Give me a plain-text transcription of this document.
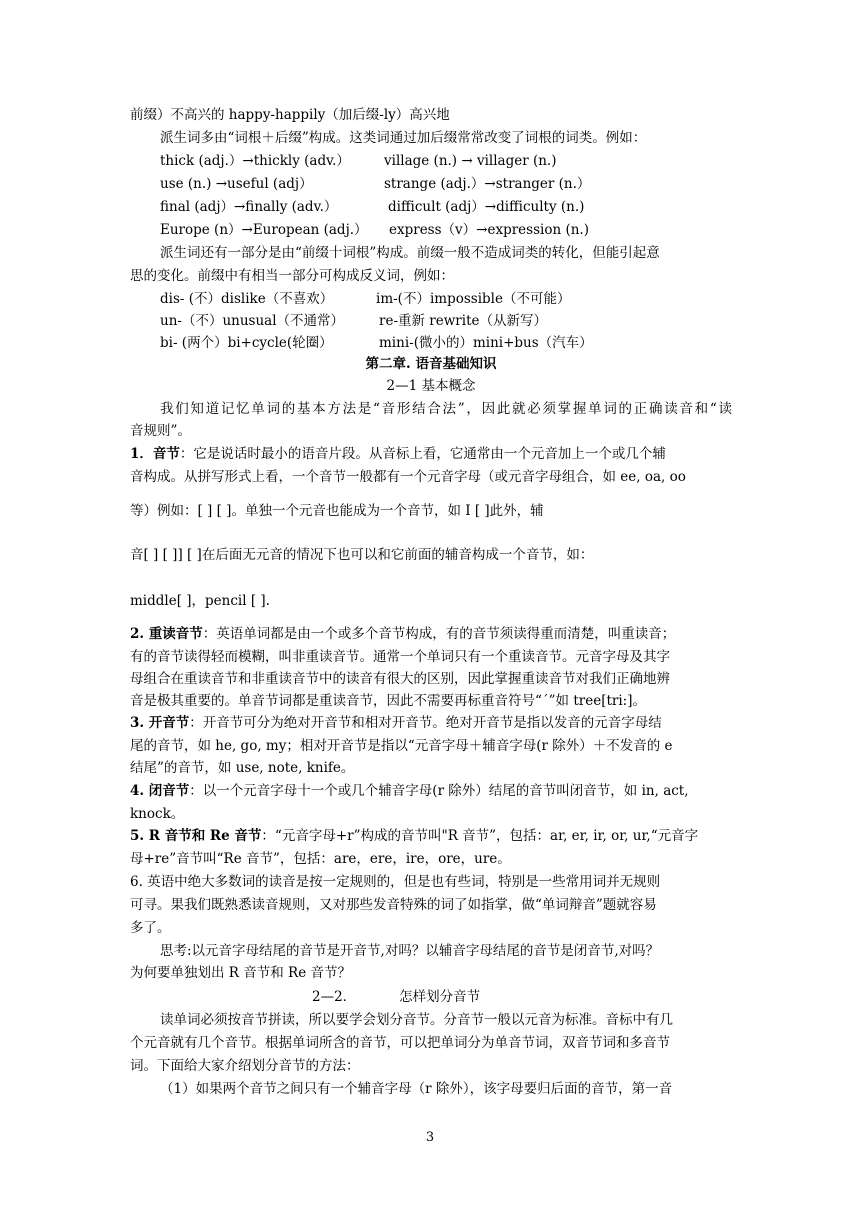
前缀）不高兴的 happy-happily（加后缀-ly）高兴地
派生词多由“词根＋后缀”构成。这类词通过加后缀常常改变了词根的词类。例如：
thick (adj.）→thickly (adv.）	village (n.) → villager (n.)
use (n.) →useful (adj）	strange (adj.）→stranger (n.）
final (adj）→finally (adv.）	difficult (adj）→difficulty (n.)
Europe (n）→European (adj.）	express（v）→expression (n.)
派生词还有一部分是由“前缀十词根”构成。前缀一般不造成词类的转化，但能引起意
思的变化。前缀中有相当一部分可构成反义词，例如：
dis- (不）dislike（不喜欢）	im-(不）impossible（不可能）
un-（不）unusual（不通常）	re-重新 rewrite（从新写）
bi- (两个）bi+cycle(轮圈）	mini-(微小的）mini+bus（汽车）
第二章. 语音基础知识
2—1 基本概念
我们知道记忆单词的基本方法是“音形结合法”，因此就必须掌握单词的正确读音和“读
音规则”。
1．音节：它是说话时最小的语音片段。从音标上看，它通常由一个元音加上一个或几个辅
音构成。从拼写形式上看，一个音节一般都有一个元音字母（或元音字母组合，如 ee, oa, oo
等）例如：[ ] [ ]。单独一个元音也能成为一个音节，如 I [ ]此外，辅
音[ ] [ ]] [ ]在后面无元音的情况下也可以和它前面的辅音构成一个音节，如：
middle[ ]，pencil [ ].
2. 重读音节：英语单词都是由一个或多个音节构成，有的音节须读得重而清楚，叫重读音；
有的音节读得轻而模糊，叫非重读音节。通常一个单词只有一个重读音节。元音字母及其字
母组合在重读音节和非重读音节中的读音有很大的区别，因此掌握重读音节对我们正确地辨
音是极其重要的。单音节词都是重读音节，因此不需要再标重音符号“ˊ”如 tree[tri:]。
3. 开音节：开音节可分为绝对开音节和相对开音节。绝对开音节是指以发音的元音字母结
尾的音节，如 he, go, my；相对开音节是指以“元音字母＋辅音字母(r 除外）＋不发音的 e
结尾”的音节，如 use, note, knife。
4. 闭音节：以一个元音字母十一个或几个辅音字母(r 除外）结尾的音节叫闭音节，如 in, act,
knock。
5. R 音节和 Re 音节：“元音字母+r”构成的音节叫"R 音节”，包括：ar, er, ir, or, ur,“元音字
母+re”音节叫“Re 音节”，包括：are，ere，ire，ore，ure。
6. 英语中绝大多数词的读音是按一定规则的，但是也有些词，特别是一些常用词并无规则
可寻。果我们既熟悉读音规则，又对那些发音特殊的词了如指掌，做“单词辩音”题就容易
多了。
思考:以元音字母结尾的音节是开音节,对吗？以辅音字母结尾的音节是闭音节,对吗？
为何要单独划出 R 音节和 Re 音节？
2—2．          怎样划分音节
读单词必须按音节拼读，所以要学会划分音节。分音节一般以元音为标准。音标中有几
个元音就有几个音节。根据单词所含的音节，可以把单词分为单音节词，双音节词和多音节
词。下面给大家介绍划分音节的方法：
（1）如果两个音节之间只有一个辅音字母（r 除外），该字母要归后面的音节，第一音
3
